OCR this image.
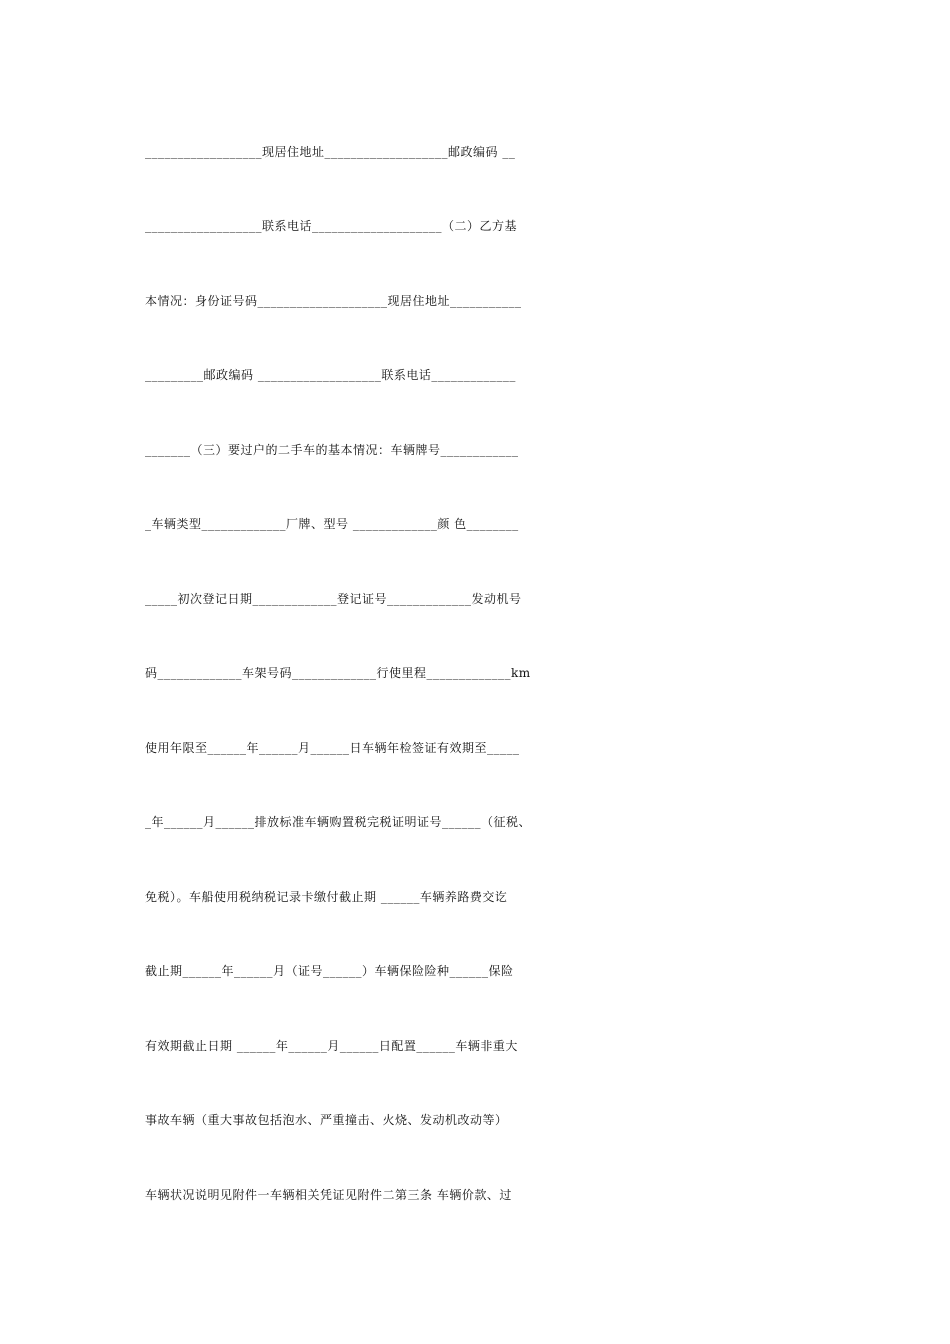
__________________现居住地址___________________邮政编码 __
__________________联系电话____________________（二）乙方基
本情况：身份证号码____________________现居住地址___________
_________邮政编码 ___________________联系电话_____________
_______（三）要过户的二手车的基本情况：车辆牌号____________
_车辆类型_____________厂牌、型号 _____________颜 色________
_____初次登记日期_____________登记证号_____________发动机号
码_____________车架号码_____________行使里程_____________km
使用年限至______年______月______日车辆年检签证有效期至_____
_年______月______排放标准车辆购置税完税证明证号______（征税、
免税）。车船使用税纳税记录卡缴付截止期 ______车辆养路费交讫
截止期______年______月（证号______）车辆保险险种______保险
有效期截止日期 ______年______月______日配置______车辆非重大
事故车辆（重大事故包括泡水、严重撞击、火烧、发动机改动等）
车辆状况说明见附件一车辆相关凭证见附件二第三条 车辆价款、过
